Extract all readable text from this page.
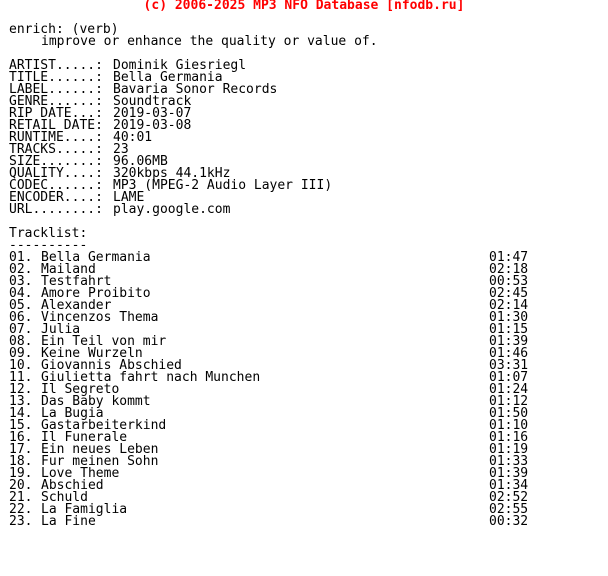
(c) 2006-2025 MP3 NFO Database [nfodb.ru]
enrich: (verb)
improve or enhance the quality or value of.
ARTIST.....: Dominik Giesriegl
TITLE......: Bella Germania
LABEL......: Bavaria Sonor Records
GENRE......: Soundtrack
RIP DATE...: 2019-03-07
RETAIL DATE: 2019-03-08
RUNTIME....: 40:01
TRACKS.....: 23
SIZE.......: 96.06MB
QUALITY....: 320kbps 44.1kHz
CODEC......: MP3 (MPEG-2 Audio Layer III)
ENCODER....: LAME
URL........: play.google.com
Tracklist:
----------
01. Bella Germania	01:47
02. Mailand	02:18
03. Testfahrt	00:53
04. Amore Proibito	02:45
05. Alexander	02:14
06. Vincenzos Thema	01:30
07. Julia	01:15
08. Ein Teil von mir	01:39
09. Keine Wurzeln	01:46
10. Giovannis Abschied	03:31
11. Giulietta fahrt nach Munchen	01:07
12. Il Segreto	01:24
13. Das Baby kommt	01:12
14. La Bugia	01:50
15. Gastarbeiterkind	01:10
16. Il Funerale	01:16
17. Ein neues Leben	01:19
18. Fur meinen Sohn	01:33
19. Love Theme	01:39
20. Abschied	01:34
21. Schuld	02:52
22. La Famiglia	02:55
23. La Fine	00:32
